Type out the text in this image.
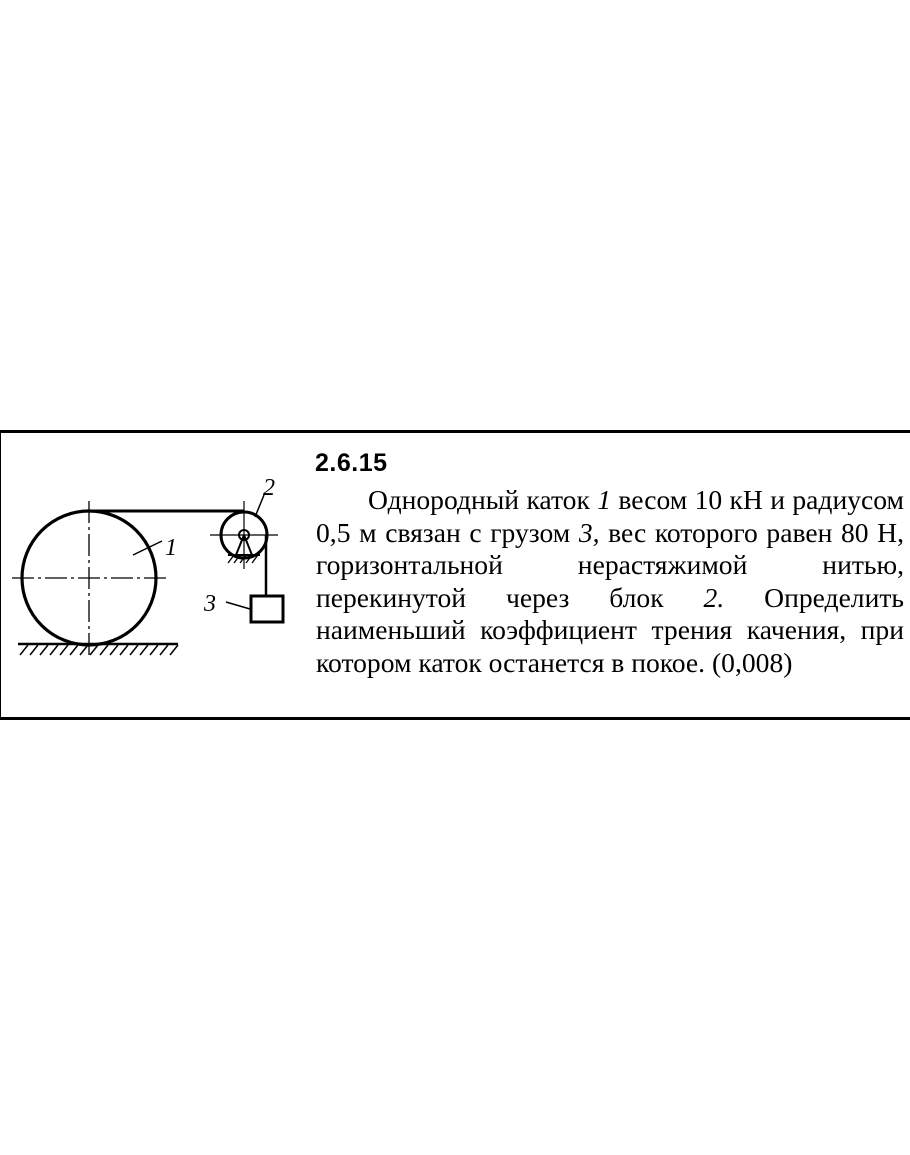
1
2
3
2.6.15
Однородный каток 1 весом 10 кН и радиусом 0,5 м связан с грузом 3, вес которого равен 80 Н, горизонтальной нерастяжимой нитью, перекинутой через блок 2. Определить наименьший коэффициент трения качения, при котором каток останется в покое. (0,008)
